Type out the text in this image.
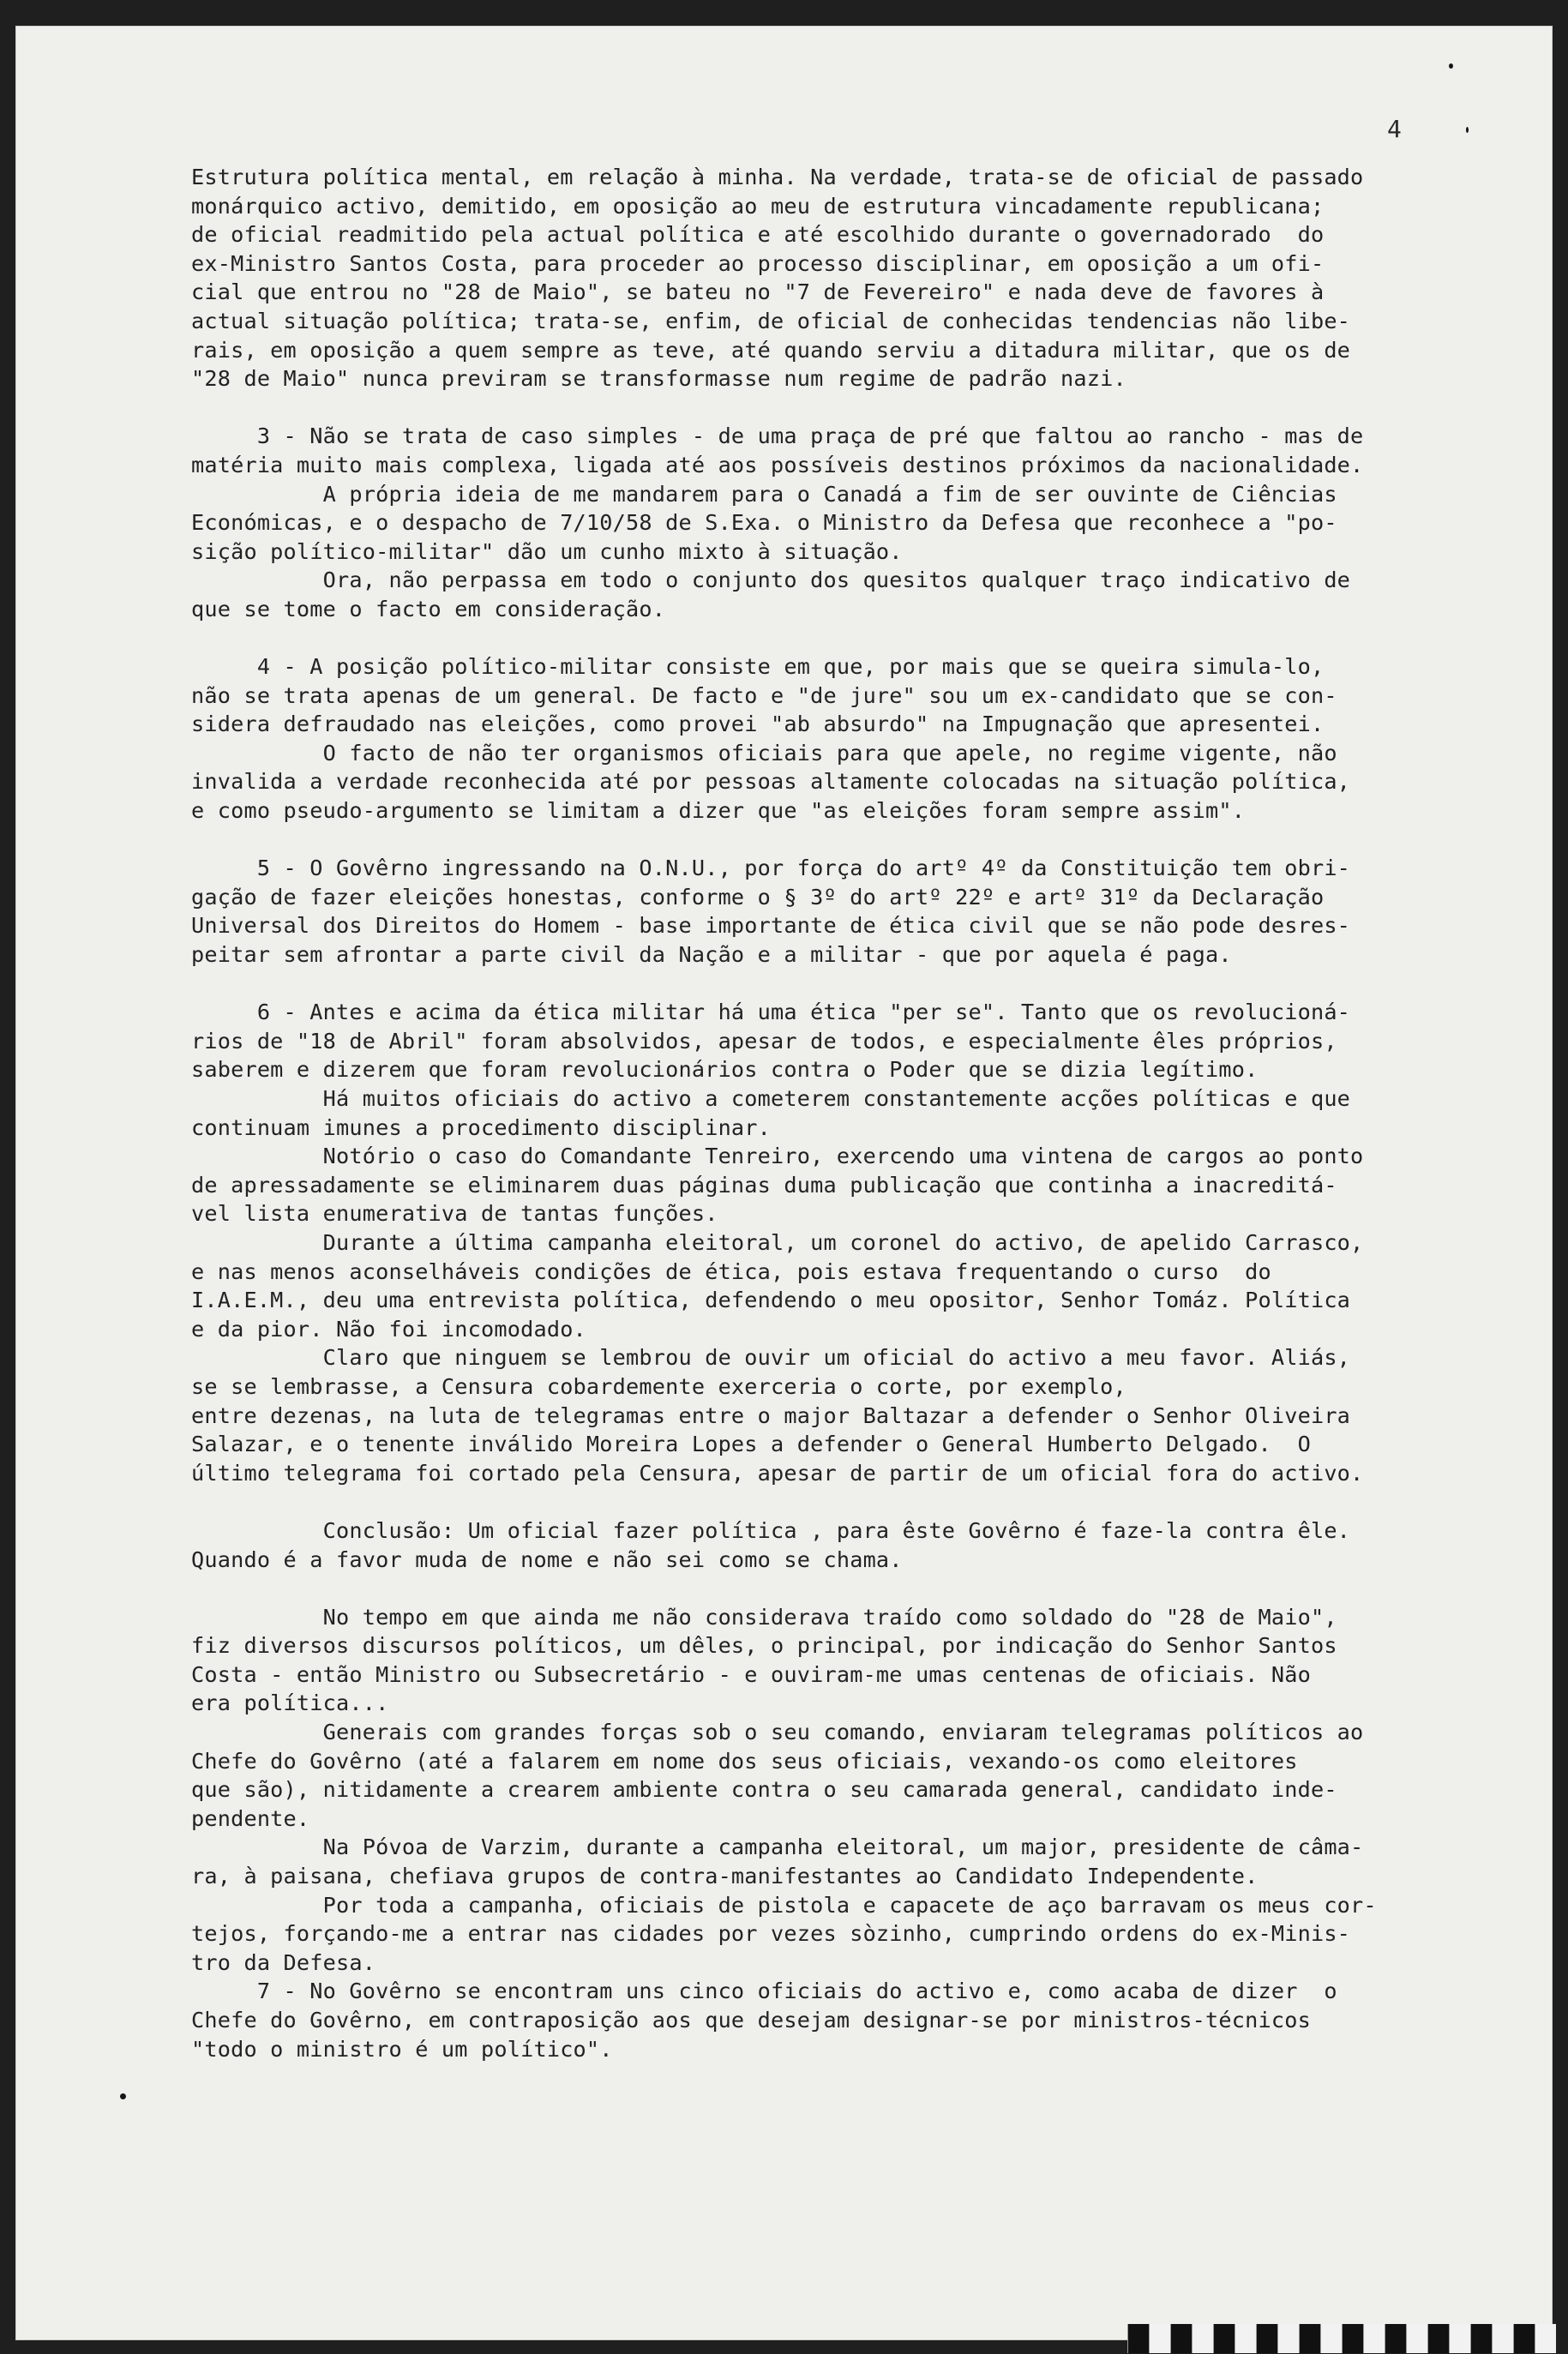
4
Estrutura política mental, em relação à minha. Na verdade, trata-se de oficial de passado
monárquico activo, demitido, em oposição ao meu de estrutura vincadamente republicana;
de oficial readmitido pela actual política e até escolhido durante o governadorado  do
ex-Ministro Santos Costa, para proceder ao processo disciplinar, em oposição a um ofi-
cial que entrou no "28 de Maio", se bateu no "7 de Fevereiro" e nada deve de favores à
actual situação política; trata-se, enfim, de oficial de conhecidas tendencias não libe-
rais, em oposição a quem sempre as teve, até quando serviu a ditadura militar, que os de
"28 de Maio" nunca previram se transformasse num regime de padrão nazi.
3 - Não se trata de caso simples - de uma praça de pré que faltou ao rancho - mas de
matéria muito mais complexa, ligada até aos possíveis destinos próximos da nacionalidade.
A própria ideia de me mandarem para o Canadá a fim de ser ouvinte de Ciências
Económicas, e o despacho de 7/10/58 de S.Exa. o Ministro da Defesa que reconhece a "po-
sição político-militar" dão um cunho mixto à situação.
Ora, não perpassa em todo o conjunto dos quesitos qualquer traço indicativo de
que se tome o facto em consideração.
4 - A posição político-militar consiste em que, por mais que se queira simula-lo,
não se trata apenas de um general. De facto e "de jure" sou um ex-candidato que se con-
sidera defraudado nas eleições, como provei "ab absurdo" na Impugnação que apresentei.
O facto de não ter organismos oficiais para que apele, no regime vigente, não
invalida a verdade reconhecida até por pessoas altamente colocadas na situação política,
e como pseudo-argumento se limitam a dizer que "as eleições foram sempre assim".
5 - O Govêrno ingressando na O.N.U., por força do artº 4º da Constituição tem obri-
gação de fazer eleições honestas, conforme o § 3º do artº 22º e artº 31º da Declaração
Universal dos Direitos do Homem - base importante de ética civil que se não pode desres-
peitar sem afrontar a parte civil da Nação e a militar - que por aquela é paga.
6 - Antes e acima da ética militar há uma ética "per se". Tanto que os revolucioná-
rios de "18 de Abril" foram absolvidos, apesar de todos, e especialmente êles próprios,
saberem e dizerem que foram revolucionários contra o Poder que se dizia legítimo.
Há muitos oficiais do activo a cometerem constantemente acções políticas e que
continuam imunes a procedimento disciplinar.
Notório o caso do Comandante Tenreiro, exercendo uma vintena de cargos ao ponto
de apressadamente se eliminarem duas páginas duma publicação que continha a inacreditá-
vel lista enumerativa de tantas funções.
Durante a última campanha eleitoral, um coronel do activo, de apelido Carrasco,
e nas menos aconselháveis condições de ética, pois estava frequentando o curso  do
I.A.E.M., deu uma entrevista política, defendendo o meu opositor, Senhor Tomáz. Política
e da pior. Não foi incomodado.
Claro que ninguem se lembrou de ouvir um oficial do activo a meu favor. Aliás,
se se lembrasse, a Censura cobardemente exerceria o corte, por exemplo,
entre dezenas, na luta de telegramas entre o major Baltazar a defender o Senhor Oliveira
Salazar, e o tenente inválido Moreira Lopes a defender o General Humberto Delgado.  O
último telegrama foi cortado pela Censura, apesar de partir de um oficial fora do activo.
Conclusão: Um oficial fazer política , para êste Govêrno é faze-la contra êle.
Quando é a favor muda de nome e não sei como se chama.
No tempo em que ainda me não considerava traído como soldado do "28 de Maio",
fiz diversos discursos políticos, um dêles, o principal, por indicação do Senhor Santos
Costa - então Ministro ou Subsecretário - e ouviram-me umas centenas de oficiais. Não
era política...
Generais com grandes forças sob o seu comando, enviaram telegramas políticos ao
Chefe do Govêrno (até a falarem em nome dos seus oficiais, vexando-os como eleitores
que são), nitidamente a crearem ambiente contra o seu camarada general, candidato inde-
pendente.
Na Póvoa de Varzim, durante a campanha eleitoral, um major, presidente de câma-
ra, à paisana, chefiava grupos de contra-manifestantes ao Candidato Independente.
Por toda a campanha, oficiais de pistola e capacete de aço barravam os meus cor-
tejos, forçando-me a entrar nas cidades por vezes sòzinho, cumprindo ordens do ex-Minis-
tro da Defesa.
7 - No Govêrno se encontram uns cinco oficiais do activo e, como acaba de dizer  o
Chefe do Govêrno, em contraposição aos que desejam designar-se por ministros-técnicos
"todo o ministro é um político".
